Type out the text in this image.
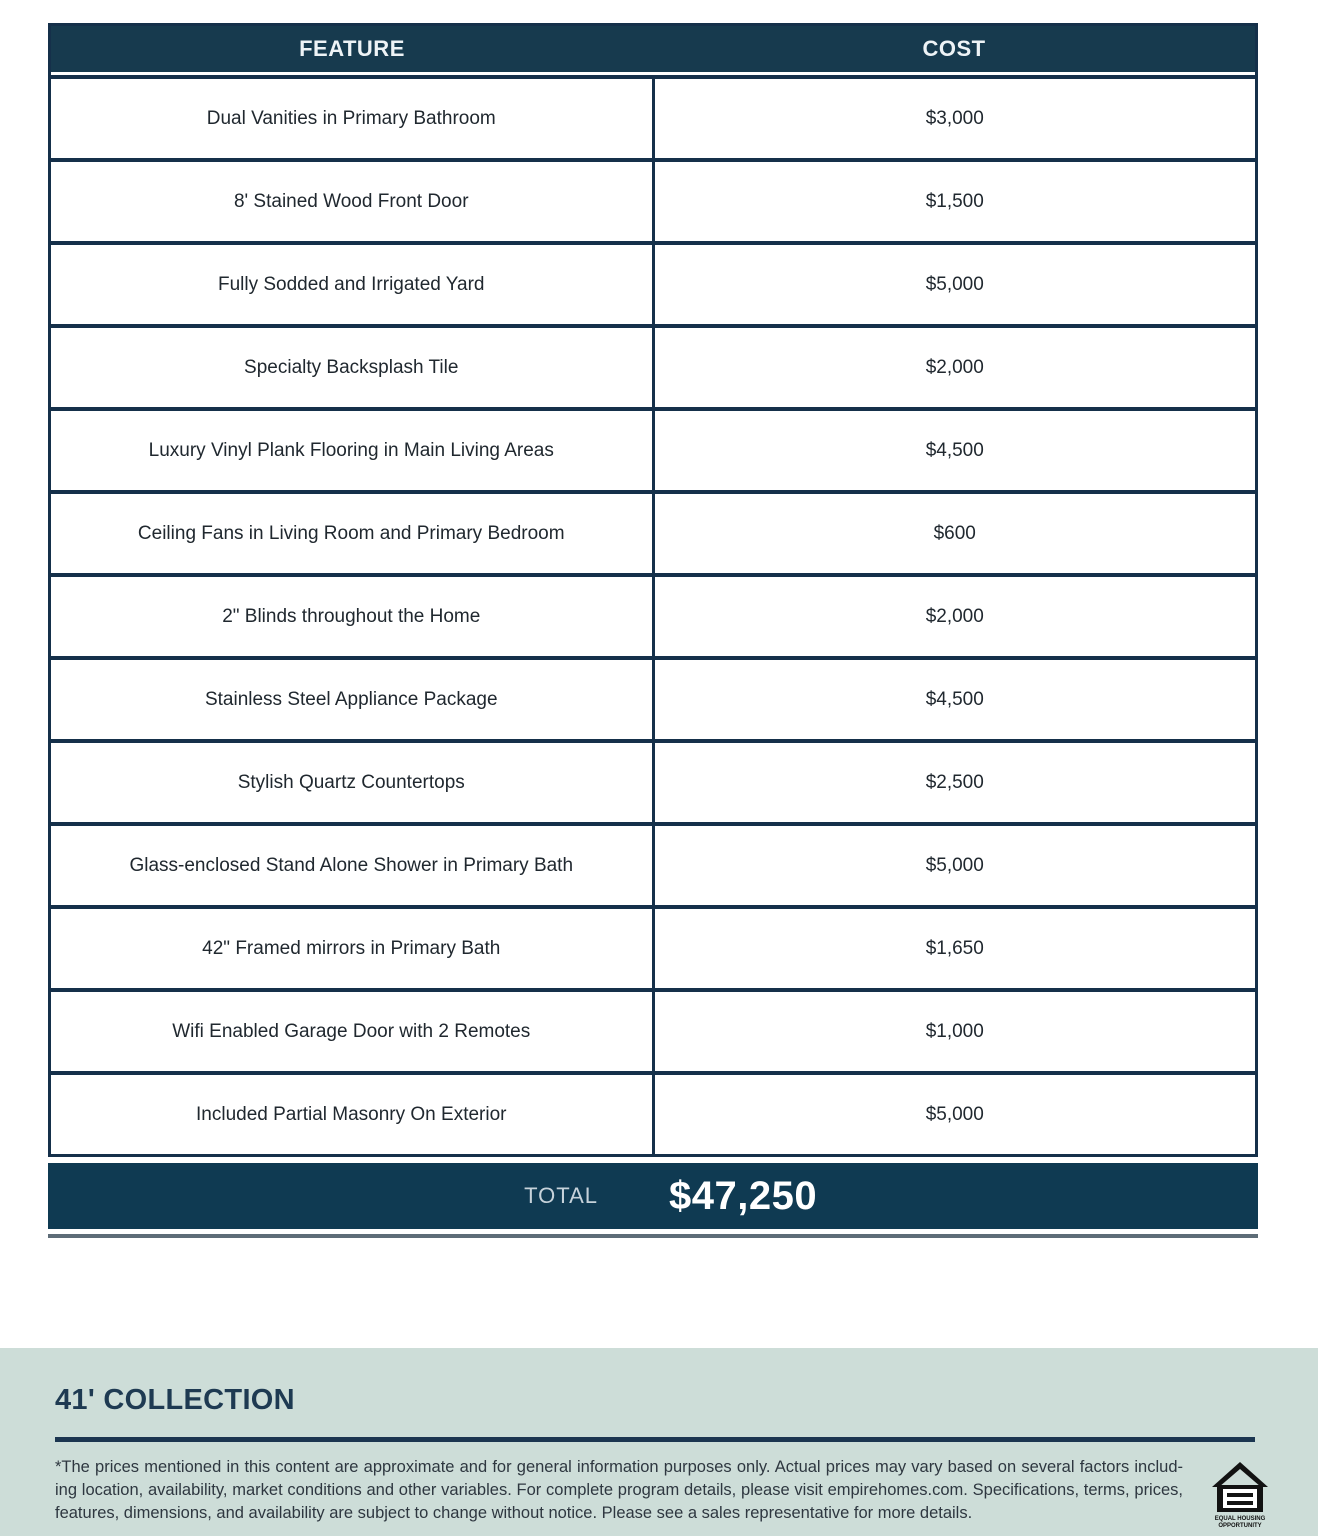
FEATURE	COST
Dual Vanities in Primary Bathroom	$3,000
8' Stained Wood Front Door	$1,500
Fully Sodded and Irrigated Yard	$5,000
Specialty Backsplash Tile	$2,000
Luxury Vinyl Plank Flooring in Main Living Areas	$4,500
Ceiling Fans in Living Room and Primary Bedroom	$600
2" Blinds throughout the Home	$2,000
Stainless Steel Appliance Package	$4,500
Stylish Quartz Countertops	$2,500
Glass-enclosed Stand Alone Shower in Primary Bath	$5,000
42" Framed mirrors in Primary Bath	$1,650
Wifi Enabled Garage Door with 2 Remotes	$1,000
Included Partial Masonry On Exterior	$5,000
TOTAL	$47,250
41' COLLECTION

*The prices mentioned in this content are approximate and for general information purposes only. Actual prices may vary based on several factors includ-ing location, availability, market conditions and other variables. For complete program details, please visit empirehomes.com. Specifications, terms, prices, features, dimensions, and availability are subject to change without notice. Please see a sales representative for more details.	EQUAL HOUSING
OPPORTUNITY
